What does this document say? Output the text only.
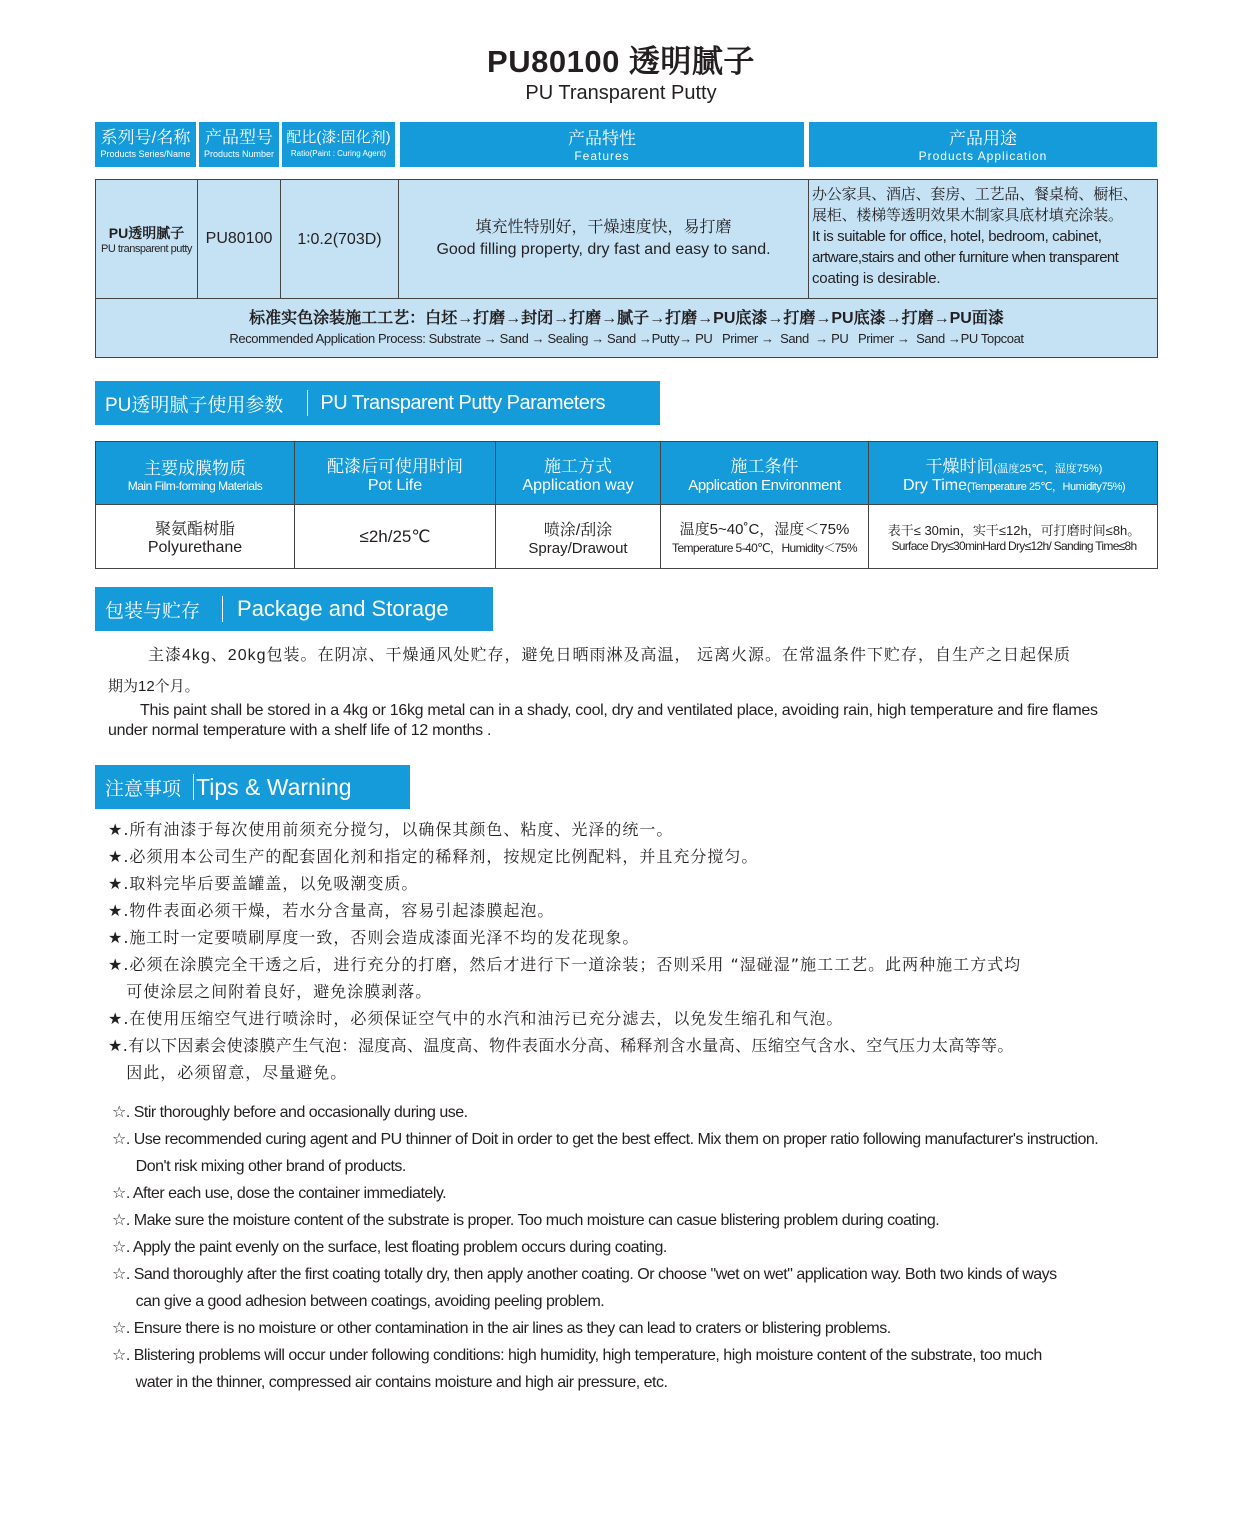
PU80100 透明腻子
PU Transparent Putty
系列号/名称
Products Series/Name
产品型号
Products Number
配比(漆:固化剂)
Ratio(Paint : Curing Agent)
产品特性
Features
产品用途
Products Application
PU透明腻子
PU transparent putty
PU80100	1∶0.2(703D)
填充性特别好，干燥速度快，易打磨
Good filling property, dry fast and easy to sand.
办公家具、酒店、套房、工艺品、餐桌椅、橱柜、
展柜、楼梯等透明效果木制家具底材填充涂装。
It is suitable for office, hotel, bedroom, cabinet,
artware,stairs and other furniture when transparent
coating is desirable.
标准实色涂装施工工艺：白坯→打磨→封闭→打磨→腻子→打磨→PU底漆→打磨→PU底漆→打磨→PU面漆
Recommended Application Process: Substrate → Sand → Sealing → Sand →Putty→ PU   Primer →  Sand  → PU   Primer →  Sand →PU Topcoat
PU透明腻子使用参数 PU Transparent Putty Parameters
主要成膜物质
Main Film-forming Materials
配漆后可使用时间
Pot Life
施工方式
Application way
施工条件
Application Environment
干燥时间(温度25℃，湿度75%)
Dry Time(Temperature 25℃，Humidity75%)
聚氨酯树脂
Polyurethane
≤2h/25℃	喷涂/刮涂
Spray/Drawout
温度5~40˚C，湿度＜75%
Temperature 5-40℃，Humidity＜75%
表干≤ 30min，实干≤12h，可打磨时间≤8h。
Surface Dry≤30minHard Dry≤12h/ Sanding Time≤8h
包装与贮存 Package and Storage
主漆4kg、20kg包装。在阴凉、干燥通风处贮存，避免日晒雨淋及高温， 远离火源。在常温条件下贮存，自生产之日起保质
期为12个月。
This paint shall be stored in a 4kg or 16kg metal can in a shady, cool, dry and ventilated place, avoiding rain, high temperature and fire flames
under normal temperature with a shelf life of 12 months .
注意事项 Tips & Warning
★.所有油漆于每次使用前须充分搅匀，以确保其颜色、粘度、光泽的统一。
★.必须用本公司生产的配套固化剂和指定的稀释剂，按规定比例配料，并且充分搅匀。
★.取料完毕后要盖罐盖，以免吸潮变质。
★.物件表面必须干燥，若水分含量高，容易引起漆膜起泡。
★.施工时一定要喷刷厚度一致，否则会造成漆面光泽不均的发花现象。
★.必须在涂膜完全干透之后，进行充分的打磨，然后才进行下一道涂装；否则采用 “湿碰湿”施工工艺。此两种施工方式均
可使涂层之间附着良好，避免涂膜剥落。
★.在使用压缩空气进行喷涂时，必须保证空气中的水汽和油污已充分滤去，以免发生缩孔和气泡。
★.有以下因素会使漆膜产生气泡：湿度高、温度高、物件表面水分高、稀释剂含水量高、压缩空气含水、空气压力太高等等。
因此，必须留意，尽量避免。
☆. Stir thoroughly before and occasionally during use.
☆. Use recommended curing agent and PU thinner of Doit in order to get the best effect. Mix them on proper ratio following manufacturer's instruction.
Don't risk mixing other brand of products.
☆. After each use, dose the container immediately.
☆. Make sure the moisture content of the substrate is proper. Too much moisture can casue blistering problem during coating.
☆. Apply the paint evenly on the surface, lest floating problem occurs during coating.
☆. Sand thoroughly after the first coating totally dry, then apply another coating. Or choose "wet on wet" application way. Both two kinds of ways
can give a good adhesion between coatings, avoiding peeling problem.
☆. Ensure there is no moisture or other contamination in the air lines as they can lead to craters or blistering problems.
☆. Blistering problems will occur under following conditions: high humidity, high temperature, high moisture content of the substrate, too much
water in the thinner, compressed air contains moisture and high air pressure, etc.
